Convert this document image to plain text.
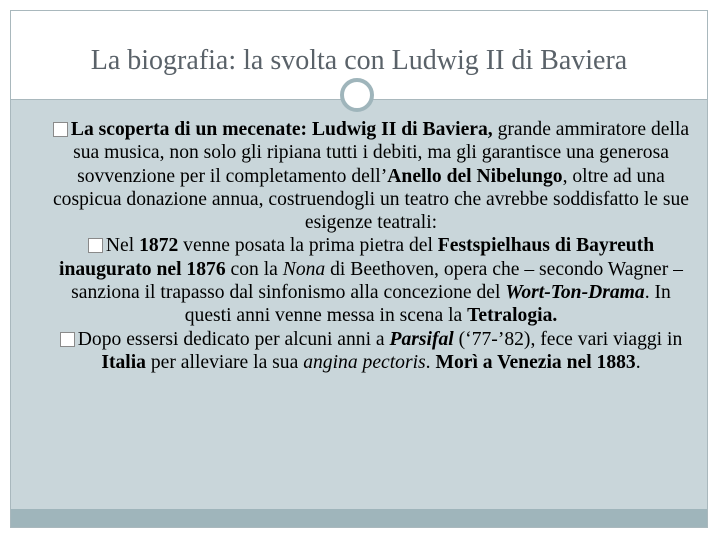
La biografia: la svolta con Ludwig II di Baviera

La scoperta di un mecenate: Ludwig II di Baviera, grande ammiratore della sua musica, non solo gli ripiana tutti i debiti, ma gli garantisce una generosa sovvenzione per il completamento dell’Anello del Nibelungo, oltre ad una cospicua donazione annua, costruendogli un teatro che avrebbe soddisfatto le sue esigenze teatrali:

Nel 1872 venne posata la prima pietra del Festspielhaus di Bayreuth inaugurato nel 1876 con la Nona di Beethoven, opera che – secondo Wagner – sanziona il trapasso dal sinfonismo alla concezione del Wort-Ton-Drama. In questi anni venne messa in scena la Tetralogia.

Dopo essersi dedicato per alcuni anni a Parsifal (‘77-’82), fece vari viaggi in Italia per alleviare la sua angina pectoris. Morì a Venezia nel 1883.
